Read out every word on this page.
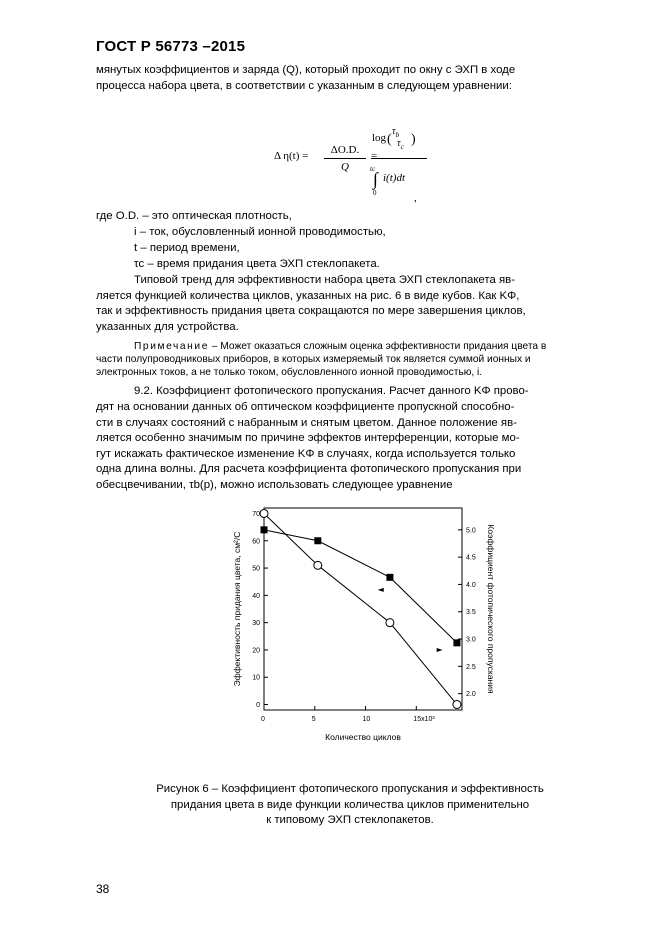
ГОСТ Р 56773 –2015
мянутых коэффициентов и заряда (Q), который проходит по окну с ЭХП в ходе
процесса набора цвета, в соответствии с указанным в следующем уравнении:
Δ η(t) =	ΔO.D.
Q
=
log (
$\tau_b$
$\tau_c$ )
tc
∫ i(t)dt
0	,
где O.D. – это оптическая плотность,
i – ток, обусловленный ионной проводимостью,
t – период времени,
τc – время придания цвета ЭХП стеклопакета.
Типовой тренд для эффективности набора цвета ЭХП стеклопакета яв-
ляется функцией количества циклов, указанных на рис. 6 в виде кубов. Как KΦ,
так и эффективность придания цвета сокращаются по мере завершения циклов,
указанных для устройства.
Примечание – Может оказаться сложным оценка эффективности придания цвета в
части полупроводниковых приборов, в которых измеряемый ток является суммой ионных и
электронных токов, а не только током, обусловленного ионной проводимостью, i.
9.2. Коэффициент фотопического пропускания. Расчет данного KΦ прово-
дят на основании данных об оптическом коэффициенте пропускной способно-
сти в случаях состояний с набранным и снятым цветом. Данное положение яв-
ляется особенно значимым по причине эффектов интерференции, которые мо-
гут искажать фактическое изменение KΦ в случаях, когда используется только
одна длина волны. Для расчета коэффициента фотопического пропускания при
обесцвечивании, τb(p), можно использовать следующее уравнение
0	5	10	15x10³
0
10
20
30
40
50
60
70
2.0
2.5
3.0
3.5
4.0
4.5
5.0
Количество циклов
Эффективность придания цвета, см²/С	Коэффициент фотопического пропускания
Рисунок 6 – Коэффициент фотопического пропускания и эффективность
придания цвета в виде функции количества циклов применительно
к типовому ЭХП стеклопакетов.
38
